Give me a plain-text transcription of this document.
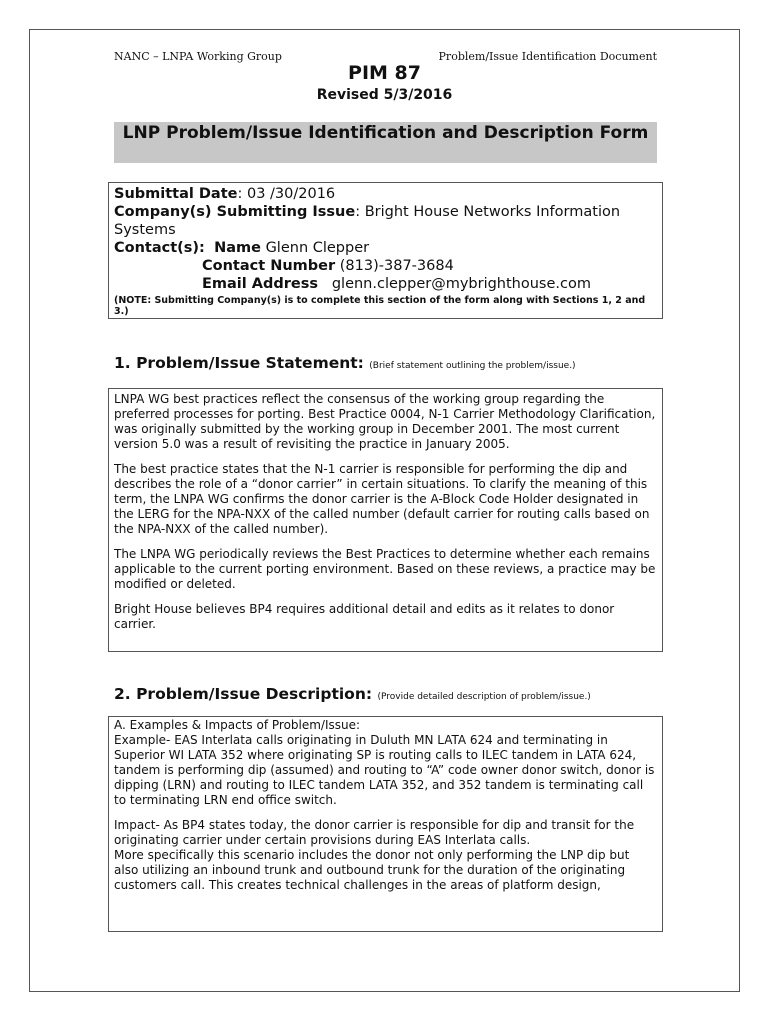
NANC – LNPA Working Group	Problem/Issue Identification Document
PIM 87
Revised 5/3/2016
LNP Problem/Issue Identification and Description Form
Submittal Date: 03 /30/2016
Company(s) Submitting Issue: Bright House Networks Information Systems
Contact(s): Name Glenn Clepper
Contact Number (813)-387-3684
Email Address glenn.clepper@mybrighthouse.com
(NOTE: Submitting Company(s) is to complete this section of the form along with Sections 1, 2 and 3.)
1. Problem/Issue Statement: (Brief statement outlining the problem/issue.)

LNPA WG best practices reflect the consensus of the working group regarding the preferred processes for porting. Best Practice 0004, N-1 Carrier Methodology Clarification, was originally submitted by the working group in December 2001. The most current version 5.0 was a result of revisiting the practice in January 2005.

The best practice states that the N-1 carrier is responsible for performing the dip and describes the role of a “donor carrier” in certain situations. To clarify the meaning of this term, the LNPA WG confirms the donor carrier is the A-Block Code Holder designated in the LERG for the NPA-NXX of the called number (default carrier for routing calls based on the NPA-NXX of the called number).

The LNPA WG periodically reviews the Best Practices to determine whether each remains applicable to the current porting environment. Based on these reviews, a practice may be modified or deleted.

Bright House believes BP4 requires additional detail and edits as it relates to donor carrier.

2. Problem/Issue Description: (Provide detailed description of problem/issue.)
A. Examples & Impacts of Problem/Issue:

Example- EAS Interlata calls originating in Duluth MN LATA 624 and terminating in Superior WI LATA 352 where originating SP is routing calls to ILEC tandem in LATA 624, tandem is performing dip (assumed) and routing to “A” code owner donor switch, donor is dipping (LRN) and routing to ILEC tandem LATA 352, and 352 tandem is terminating call to terminating LRN end office switch.

Impact- As BP4 states today, the donor carrier is responsible for dip and transit for the originating carrier under certain provisions during EAS Interlata calls.
More specifically this scenario includes the donor not only performing the LNP dip but also utilizing an inbound trunk and outbound trunk for the duration of the originating customers call. This creates technical challenges in the areas of platform design,
